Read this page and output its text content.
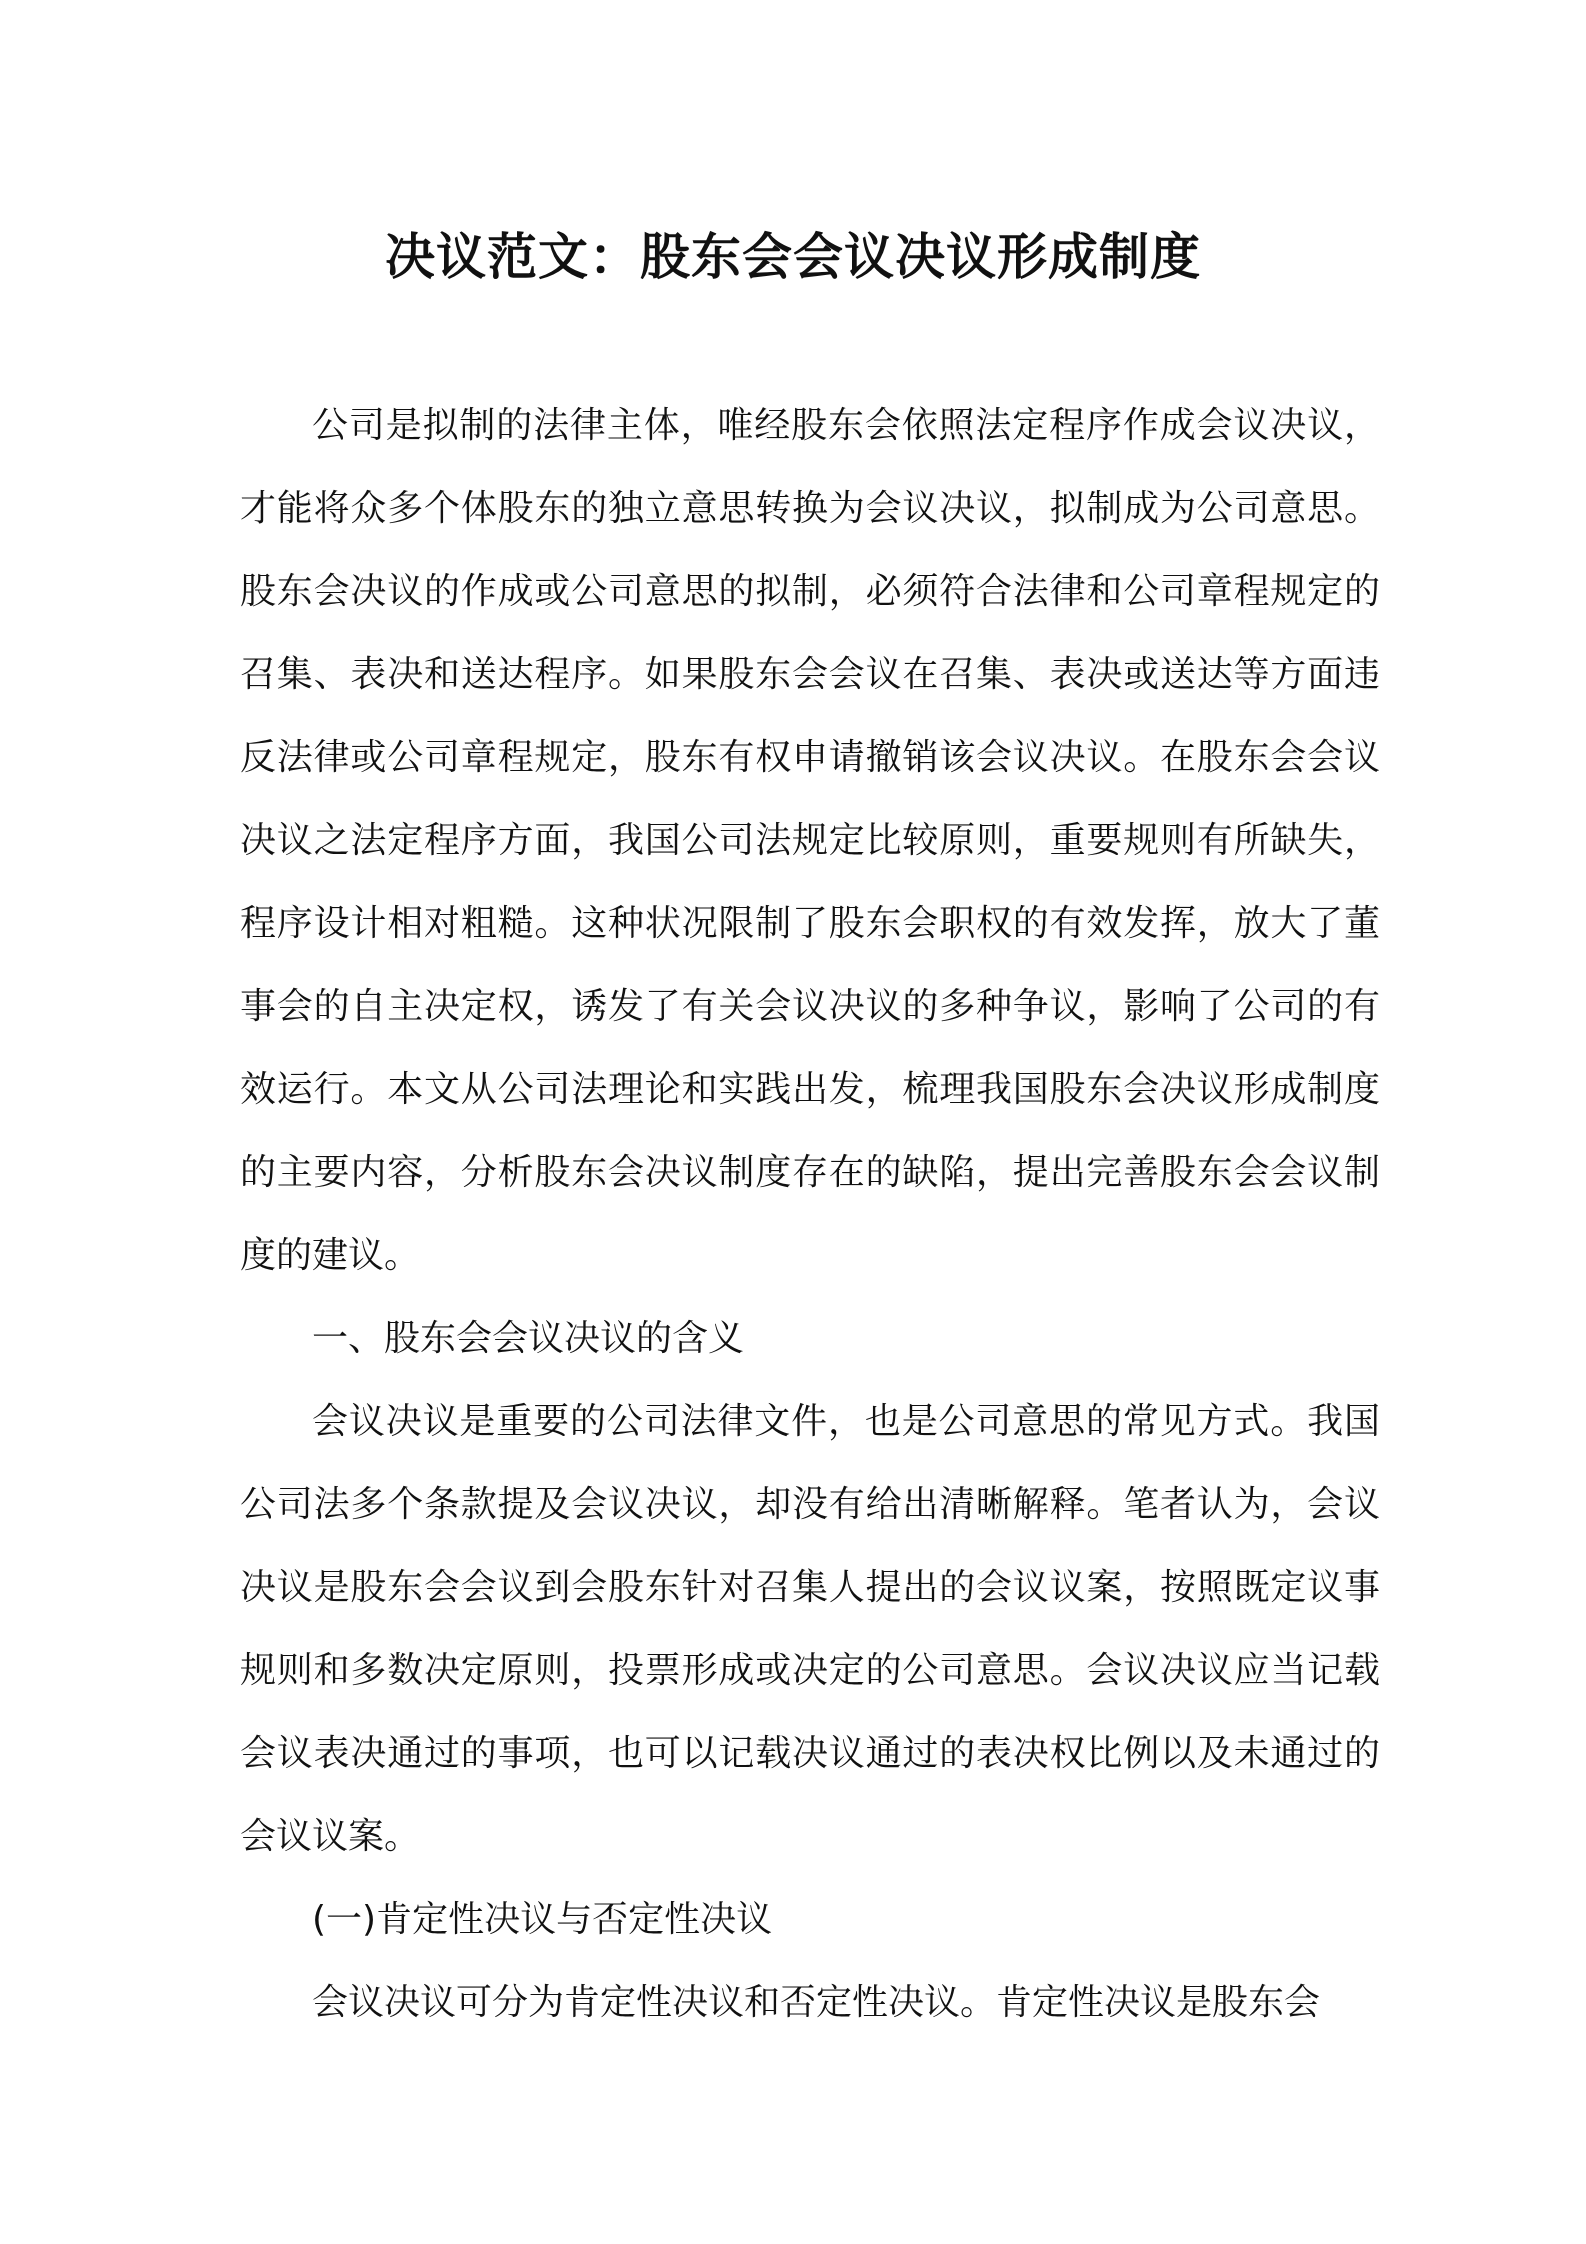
决议范文：股东会会议决议形成制度

公司是拟制的法律主体，唯经股东会依照法定程序作成会议决议，才能将众多个体股东的独立意思转换为会议决议，拟制成为公司意思。股东会决议的作成或公司意思的拟制，必须符合法律和公司章程规定的召集、表决和送达程序。如果股东会会议在召集、表决或送达等方面违反法律或公司章程规定，股东有权申请撤销该会议决议。在股东会会议决议之法定程序方面，我国公司法规定比较原则，重要规则有所缺失，程序设计相对粗糙。这种状况限制了股东会职权的有效发挥，放大了董事会的自主决定权，诱发了有关会议决议的多种争议，影响了公司的有效运行。本文从公司法理论和实践出发，梳理我国股东会决议形成制度的主要内容，分析股东会决议制度存在的缺陷，提出完善股东会会议制度的建议。

一、股东会会议决议的含义

会议决议是重要的公司法律文件，也是公司意思的常见方式。我国公司法多个条款提及会议决议，却没有给出清晰解释。笔者认为，会议决议是股东会会议到会股东针对召集人提出的会议议案，按照既定议事规则和多数决定原则，投票形成或决定的公司意思。会议决议应当记载会议表决通过的事项，也可以记载决议通过的表决权比例以及未通过的会议议案。

(一)肯定性决议与否定性决议

会议决议可分为肯定性决议和否定性决议。肯定性决议是股东会
